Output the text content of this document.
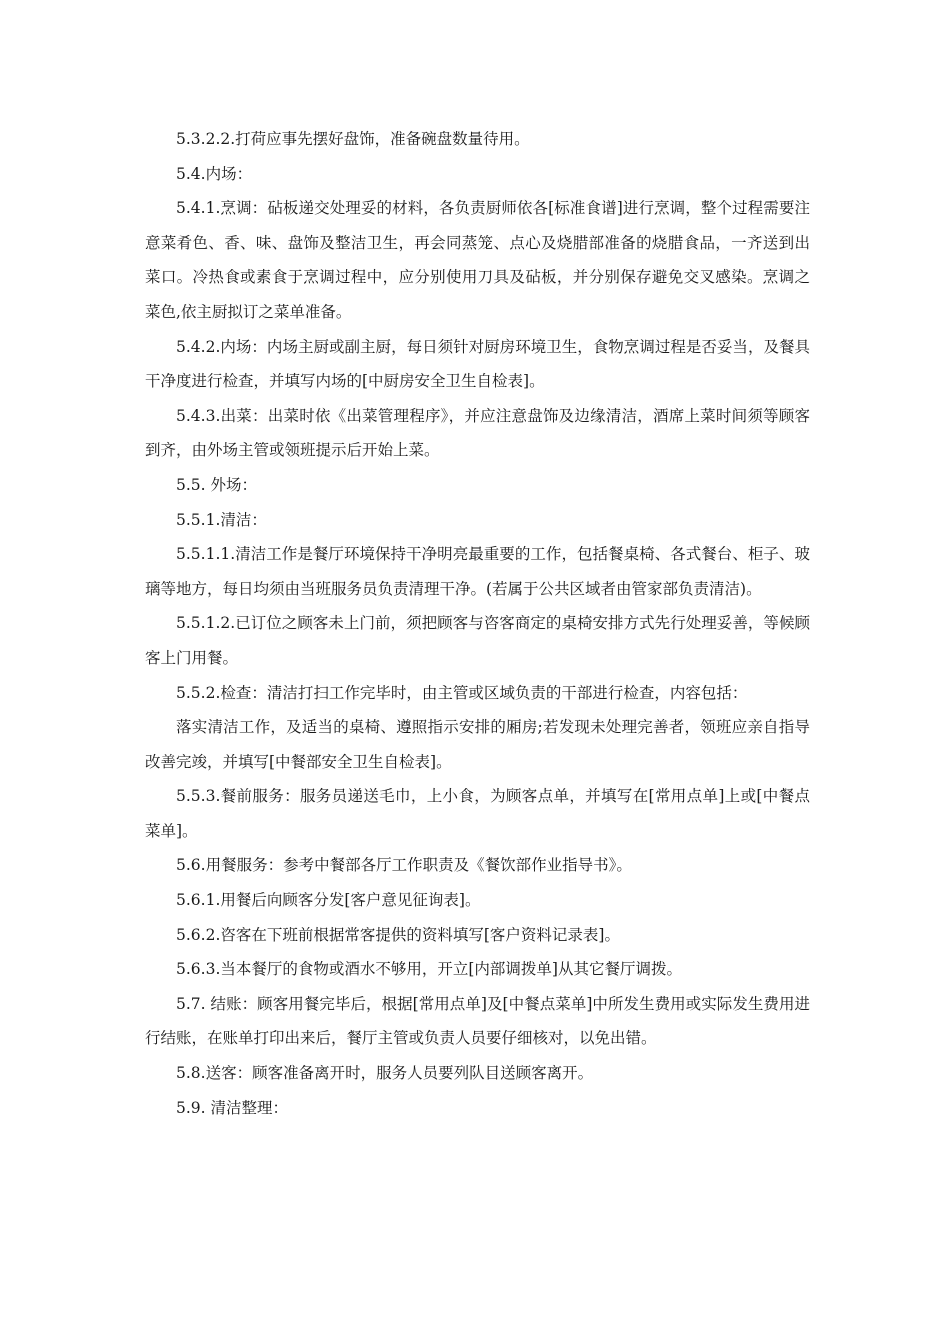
5.3.2.2.打荷应事先摆好盘饰，准备碗盘数量待用。

5.4.内场：

5.4.1.烹调：砧板递交处理妥的材料，各负责厨师依各[标准食谱]进行烹调，整个过程需要注意菜肴色、香、味、盘饰及整洁卫生，再会同蒸笼、点心及烧腊部准备的烧腊食品，一齐送到出菜口。冷热食或素食于烹调过程中，应分别使用刀具及砧板，并分别保存避免交叉感染。烹调之菜色,依主厨拟订之菜单准备。

5.4.2.内场：内场主厨或副主厨，每日须针对厨房环境卫生，食物烹调过程是否妥当，及餐具干净度进行检查，并填写内场的[中厨房安全卫生自检表]。

5.4.3.出菜：出菜时依《出菜管理程序》，并应注意盘饰及边缘清洁，酒席上菜时间须等顾客到齐，由外场主管或领班提示后开始上菜。

5.5. 外场：

5.5.1.清洁：

5.5.1.1.清洁工作是餐厅环境保持干净明亮最重要的工作，包括餐桌椅、各式餐台、柜子、玻璃等地方，每日均须由当班服务员负责清理干净。(若属于公共区域者由管家部负责清洁)。

5.5.1.2.已订位之顾客未上门前，须把顾客与咨客商定的桌椅安排方式先行处理妥善，等候顾客上门用餐。

5.5.2.检查：清洁打扫工作完毕时，由主管或区域负责的干部进行检查，内容包括：

落实清洁工作，及适当的桌椅、遵照指示安排的厢房;若发现未处理完善者，领班应亲自指导改善完竣，并填写[中餐部安全卫生自检表]。

5.5.3.餐前服务：服务员递送毛巾，上小食，为顾客点单，并填写在[常用点单]上或[中餐点菜单]。

5.6.用餐服务：参考中餐部各厅工作职责及《餐饮部作业指导书》。

5.6.1.用餐后向顾客分发[客户意见征询表]。

5.6.2.咨客在下班前根据常客提供的资料填写[客户资料记录表]。

5.6.3.当本餐厅的食物或酒水不够用，开立[内部调拨单]从其它餐厅调拨。

5.7. 结账：顾客用餐完毕后，根据[常用点单]及[中餐点菜单]中所发生费用或实际发生费用进行结账，在账单打印出来后，餐厅主管或负责人员要仔细核对，以免出错。

5.8.送客：顾客准备离开时，服务人员要列队目送顾客离开。

5.9. 清洁整理：
